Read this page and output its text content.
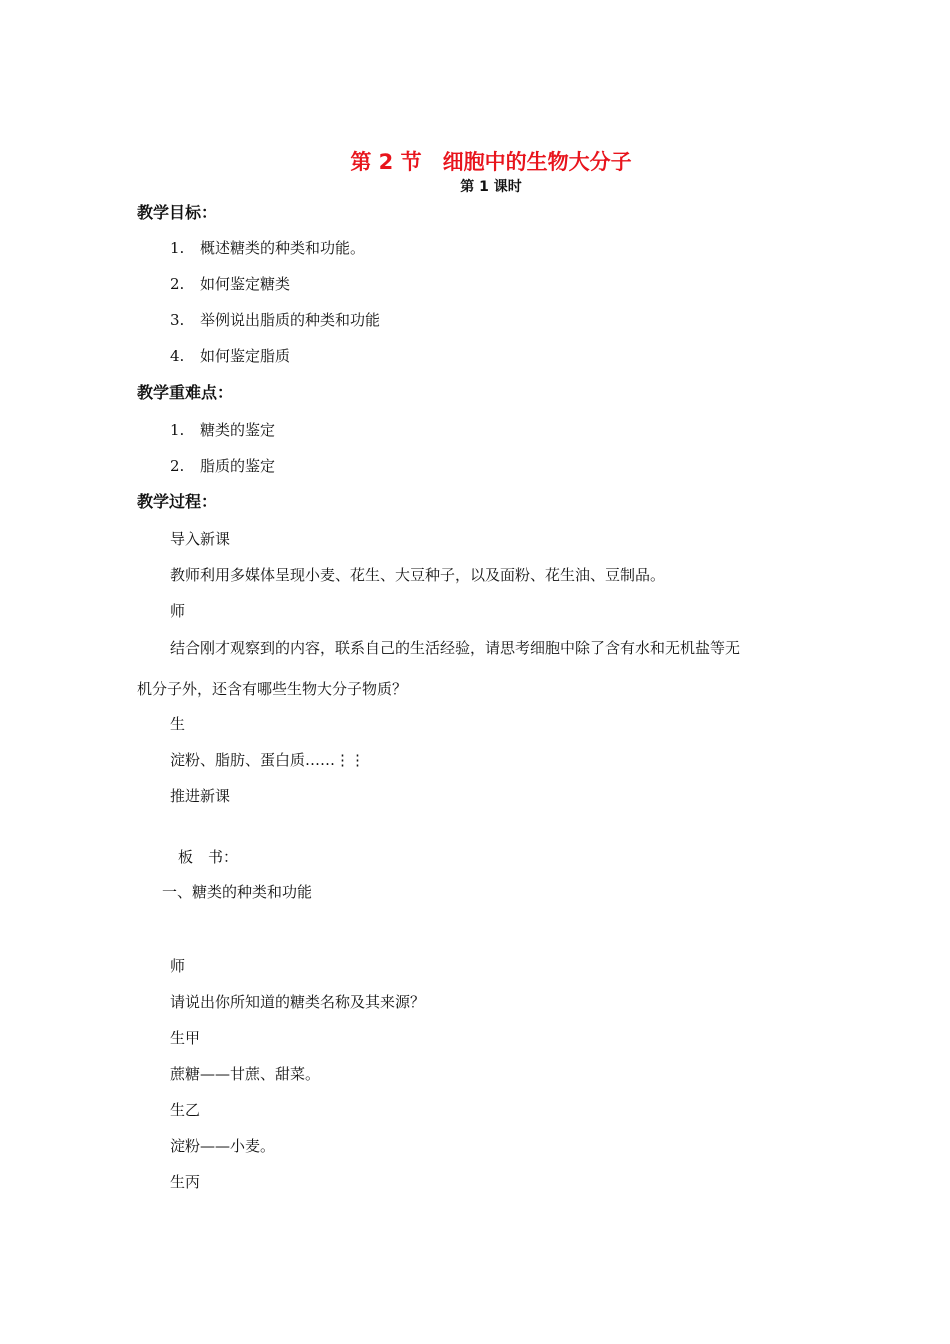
第 2 节　细胞中的生物大分子
第 1 课时
教学目标：
1. 概述糖类的种类和功能。
2. 如何鉴定糖类
3. 举例说出脂质的种类和功能
4. 如何鉴定脂质
教学重难点：
1. 糖类的鉴定
2. 脂质的鉴定
教学过程：
导入新课
教师利用多媒体呈现小麦、花生、大豆种子，以及面粉、花生油、豆制品。
师
结合刚才观察到的内容，联系自己的生活经验，请思考细胞中除了含有水和无机盐等无
机分子外，还含有哪些生物大分子物质？
生
淀粉、脂肪、蛋白质……⋮⋮
推进新课
板　书：
一、糖类的种类和功能
师
请说出你所知道的糖类名称及其来源？
生甲
蔗糖——甘蔗、甜菜。
生乙
淀粉——小麦。
生丙
